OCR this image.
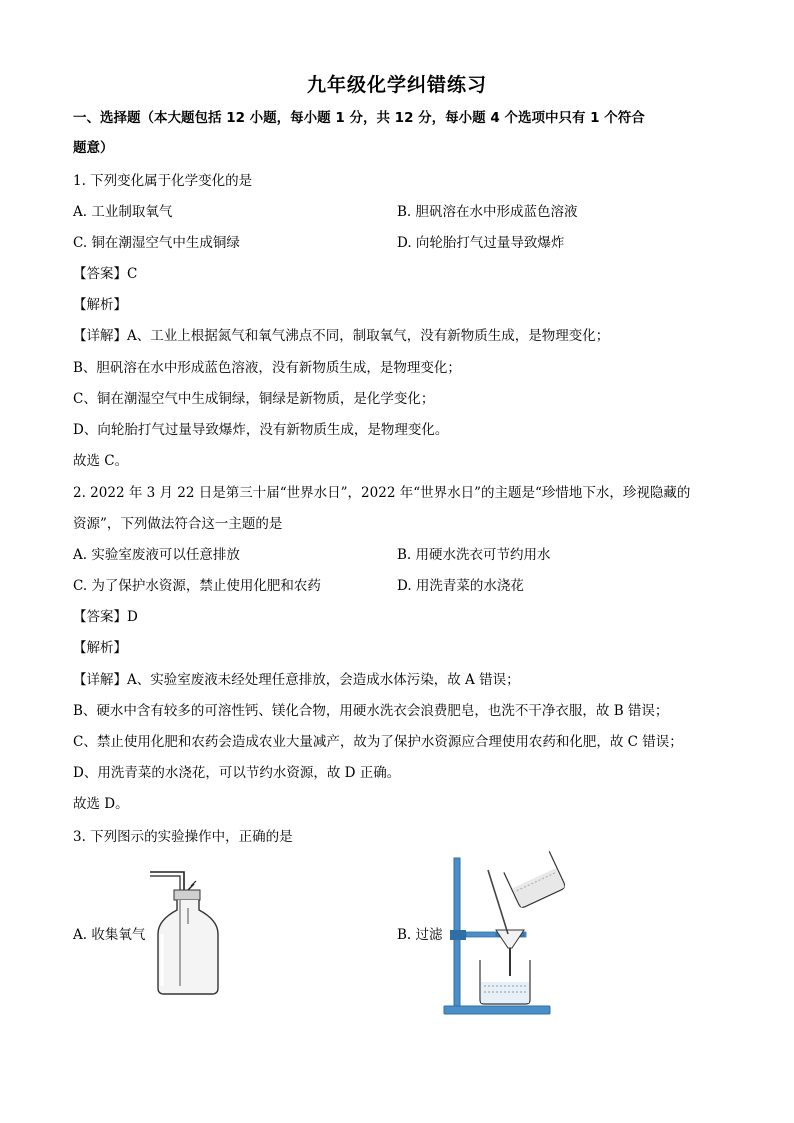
九年级化学纠错练习
一、选择题（本大题包括 12 小题，每小题 1 分，共 12 分，每小题 4 个选项中只有 1 个符合
题意）
1. 下列变化属于化学变化的是
A. 工业制取氧气	B. 胆矾溶在水中形成蓝色溶液
C. 铜在潮湿空气中生成铜绿	D. 向轮胎打气过量导致爆炸
【答案】C
【解析】
【详解】A、工业上根据氮气和氧气沸点不同，制取氧气，没有新物质生成，是物理变化；
B、胆矾溶在水中形成蓝色溶液，没有新物质生成，是物理变化；
C、铜在潮湿空气中生成铜绿，铜绿是新物质，是化学变化；
D、向轮胎打气过量导致爆炸，没有新物质生成，是物理变化。
故选 C。
2. 2022 年 3 月 22 日是第三十届“世界水日”，2022 年“世界水日”的主题是“珍惜地下水，珍视隐藏的
资源”，下列做法符合这一主题的是
A. 实验室废液可以任意排放	B. 用硬水洗衣可节约用水
C. 为了保护水资源，禁止使用化肥和农药	D. 用洗青菜的水浇花
【答案】D
【解析】
【详解】A、实验室废液未经处理任意排放，会造成水体污染，故 A 错误；
B、硬水中含有较多的可溶性钙、镁化合物，用硬水洗衣会浪费肥皂，也洗不干净衣服，故 B 错误；
C、禁止使用化肥和农药会造成农业大量减产，故为了保护水资源应合理使用农药和化肥，故 C 错误；
D、用洗青菜的水浇花，可以节约水资源，故 D 正确。
故选 D。
3. 下列图示的实验操作中，正确的是
A. 收集氧气	B. 过滤
